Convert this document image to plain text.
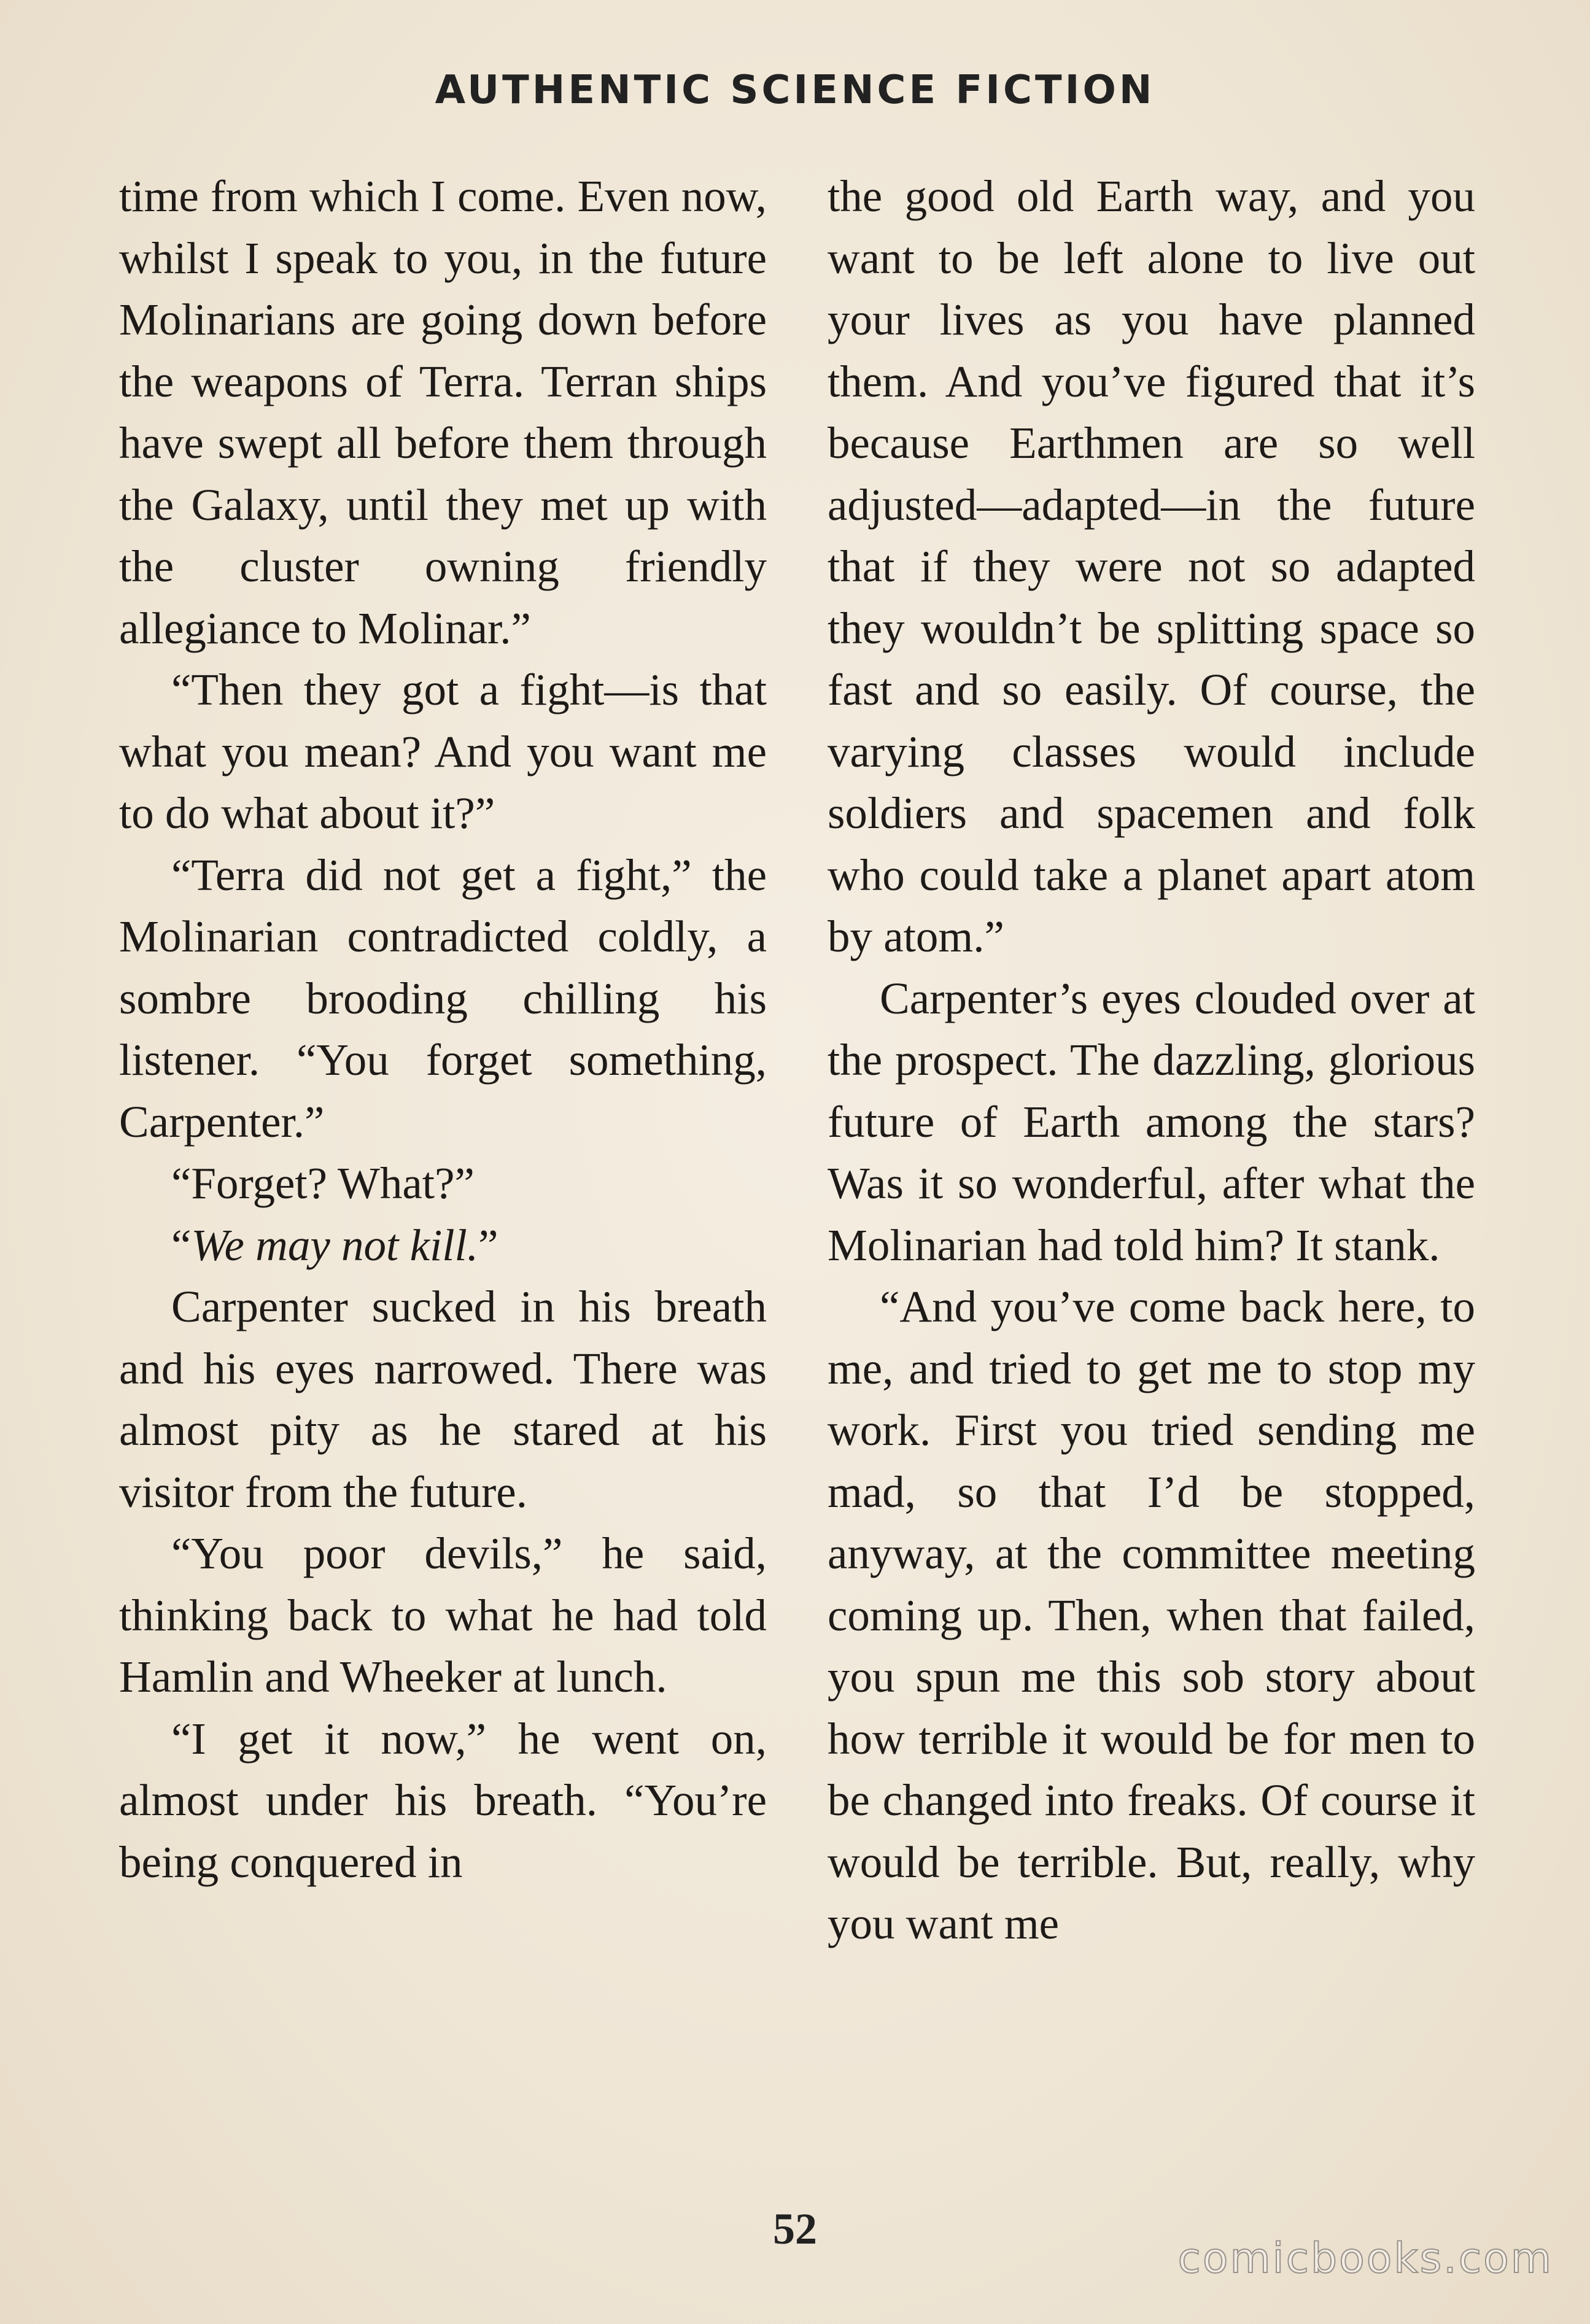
AUTHENTIC SCIENCE FICTION

time from which I come. Even now, whilst I speak to you, in the future Molinarians are going down before the weapons of Terra. Terran ships have swept all before them through the Galaxy, until they met up with the cluster owning friendly allegiance to Molinar.”

“Then they got a fight—is that what you mean? And you want me to do what about it?”

“Terra did not get a fight,” the Molinarian contradicted coldly, a sombre brooding chilling his listener. “You forget something, Carpenter.”

“Forget? What?”

“We may not kill.”

Carpenter sucked in his breath and his eyes narrowed. There was almost pity as he stared at his visitor from the future.

“You poor devils,” he said, thinking back to what he had told Hamlin and Wheeker at lunch.

“I get it now,” he went on, almost under his breath. “You’re being conquered in

the good old Earth way, and you want to be left alone to live out your lives as you have planned them. And you’ve figured that it’s because Earthmen are so well adjusted—adapted—in the future that if they were not so adapted they wouldn’t be splitting space so fast and so easily. Of course, the varying classes would include soldiers and spacemen and folk who could take a planet apart atom by atom.”

Carpenter’s eyes clouded over at the prospect. The dazzling, glorious future of Earth among the stars? Was it so wonderful, after what the Molinarian had told him? It stank.

“And you’ve come back here, to me, and tried to get me to stop my work. First you tried sending me mad, so that I’d be stopped, anyway, at the committee meeting coming up. Then, when that failed, you spun me this sob story about how terrible it would be for men to be changed into freaks. Of course it would be terrible. But, really, why you want me

52
comicbooks.com
